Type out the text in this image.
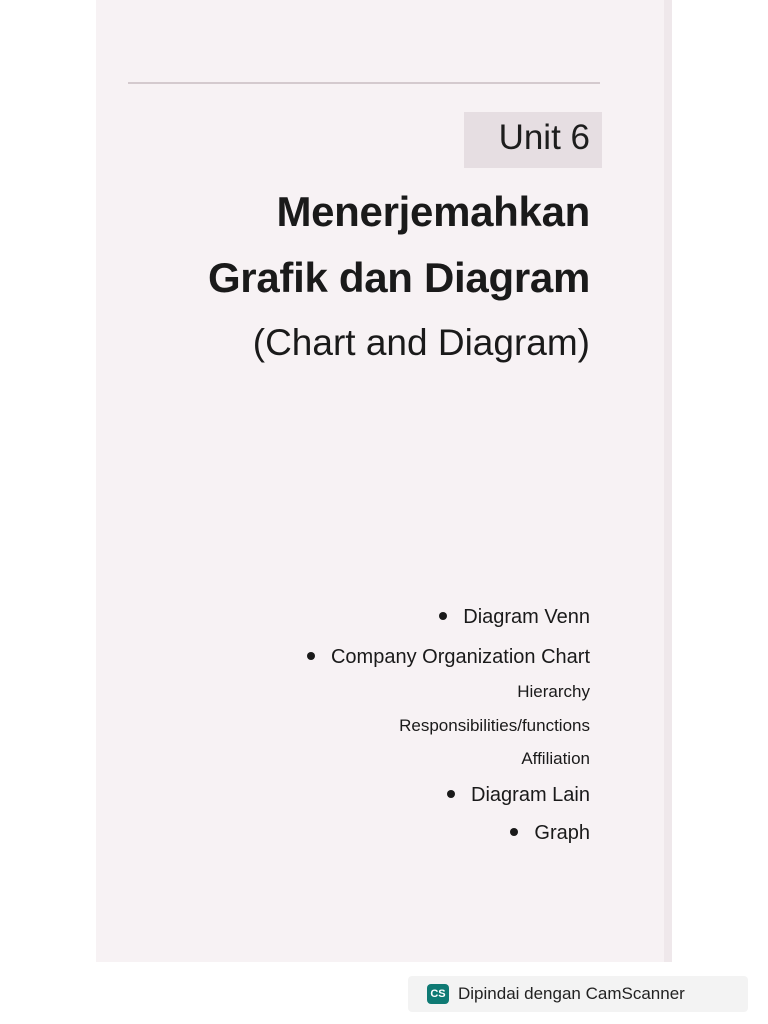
Unit 6
Menerjemahkan
Grafik dan Diagram
(Chart and Diagram)
Diagram Venn
Company Organization Chart
Hierarchy
Responsibilities/functions
Affiliation
Diagram Lain
Graph
CS Dipindai dengan CamScanner
